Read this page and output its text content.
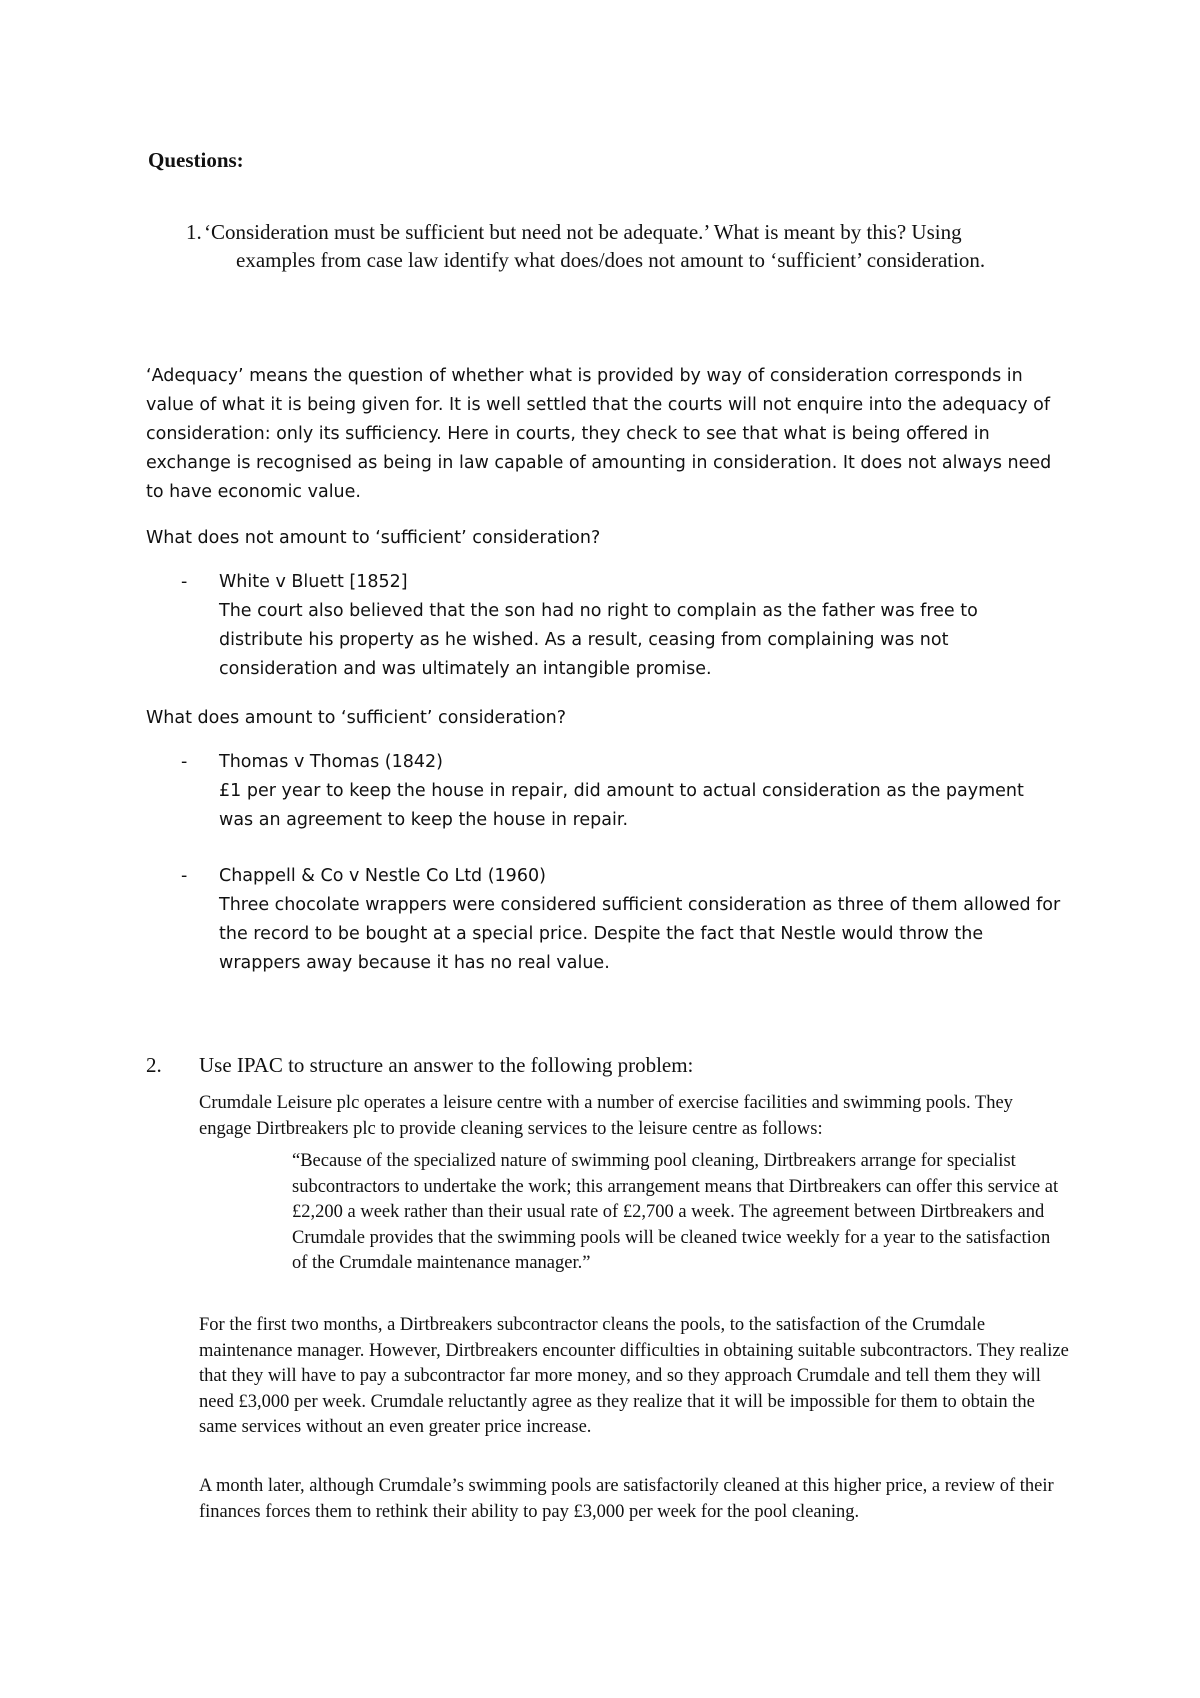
Questions:
1. ‘Consideration must be sufficient but need not be adequate.’ What is meant by this? Using
examples from case law identify what does/does not amount to ‘sufficient’ consideration.
‘Adequacy’ means the question of whether what is provided by way of consideration corresponds in value of what it is being given for. It is well settled that the courts will not enquire into the adequacy of consideration: only its sufficiency. Here in courts, they check to see that what is being offered in exchange is recognised as being in law capable of amounting in consideration. It does not always need to have economic value.
What does not amount to ‘sufficient’ consideration?
- White v Bluett [1852]
The court also believed that the son had no right to complain as the father was free to distribute his property as he wished. As a result, ceasing from complaining was not consideration and was ultimately an intangible promise.
What does amount to ‘sufficient’ consideration?
- Thomas v Thomas (1842)
£1 per year to keep the house in repair, did amount to actual consideration as the payment was an agreement to keep the house in repair.
- Chappell & Co v Nestle Co Ltd (1960)
Three chocolate wrappers were considered sufficient consideration as three of them allowed for the record to be bought at a special price. Despite the fact that Nestle would throw the wrappers away because it has no real value.
2. Use IPAC to structure an answer to the following problem:
Crumdale Leisure plc operates a leisure centre with a number of exercise facilities and swimming pools. They engage Dirtbreakers plc to provide cleaning services to the leisure centre as follows:
“Because of the specialized nature of swimming pool cleaning, Dirtbreakers arrange for specialist subcontractors to undertake the work; this arrangement means that Dirtbreakers can offer this service at £2,200 a week rather than their usual rate of £2,700 a week. The agreement between Dirtbreakers and Crumdale provides that the swimming pools will be cleaned twice weekly for a year to the satisfaction of the Crumdale maintenance manager.”
For the first two months, a Dirtbreakers subcontractor cleans the pools, to the satisfaction of the Crumdale maintenance manager. However, Dirtbreakers encounter difficulties in obtaining suitable subcontractors. They realize that they will have to pay a subcontractor far more money, and so they approach Crumdale and tell them they will need £3,000 per week. Crumdale reluctantly agree as they realize that it will be impossible for them to obtain the same services without an even greater price increase.
A month later, although Crumdale’s swimming pools are satisfactorily cleaned at this higher price, a review of their finances forces them to rethink their ability to pay £3,000 per week for the pool cleaning.
